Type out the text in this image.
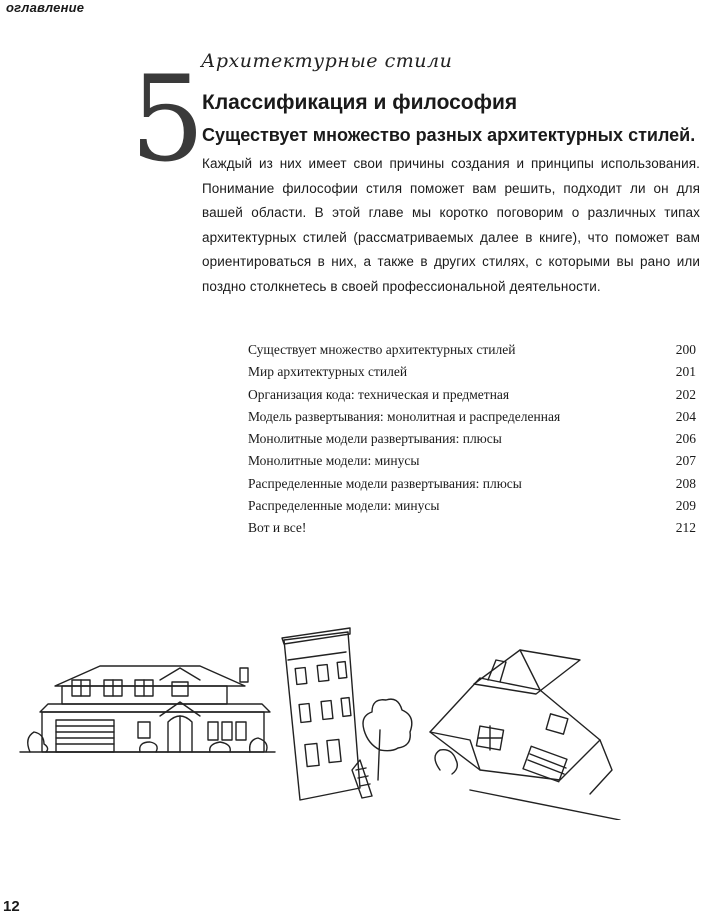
оглавление
5
Архитектурные стили
Классификация и философия
Существует множество разных архитектурных стилей.
Каждый из них имеет свои причины создания и принципы использования. Понимание философии стиля поможет вам решить, подходит ли он для вашей области. В этой главе мы коротко поговорим о различных типах архитектурных стилей (рассматриваемых далее в книге), что поможет вам ориентироваться в них, а также в других стилях, с которыми вы рано или поздно столкнетесь в своей профессиональной деятельности.
Существует множество архитектурных стилей	200
Мир архитектурных стилей	201
Организация кода: техническая и предметная	202
Модель развертывания: монолитная и распределенная	204
Монолитные модели развертывания: плюсы	206
Монолитные модели: минусы	207
Распределенные модели развертывания: плюсы	208
Распределенные модели: минусы	209
Вот и все!	212
12
